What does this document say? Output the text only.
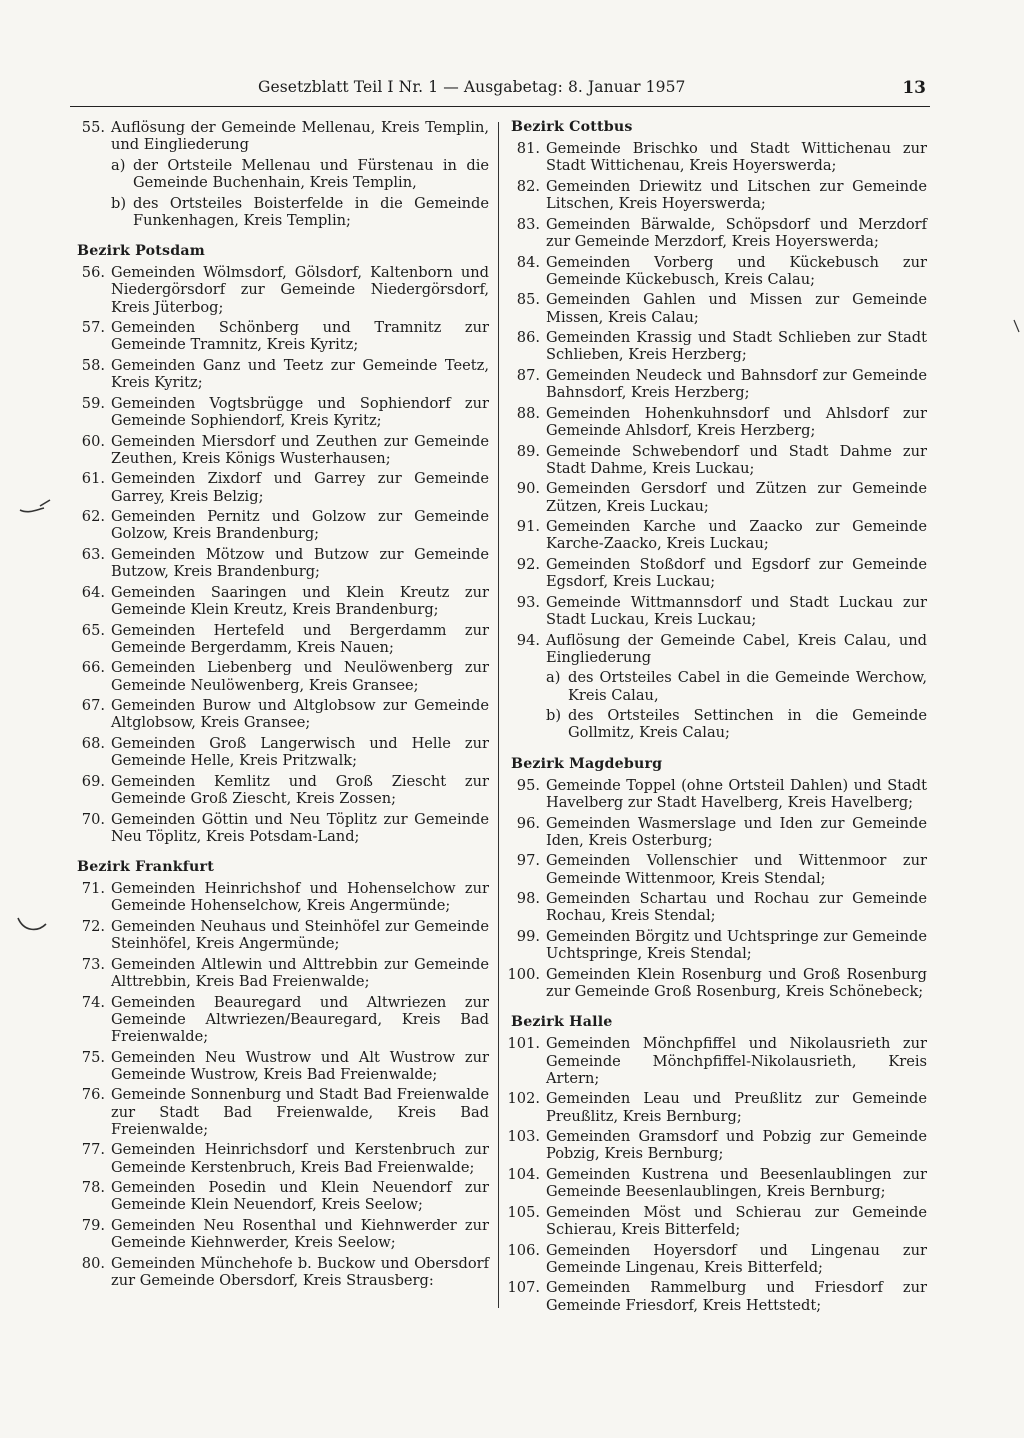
Gesetzblatt Teil I Nr. 1 — Ausgabetag: 8. Januar 1957	13
55. Auflösung der Gemeinde Mellenau, Kreis Templin, und Eingliederung
a) der Ortsteile Mellenau und Fürstenau in die Gemeinde Buchenhain, Kreis Templin,
b) des Ortsteiles Boisterfelde in die Gemeinde Funkenhagen, Kreis Templin;
Bezirk Potsdam
56. Gemeinden Wölmsdorf, Gölsdorf, Kaltenborn und Niedergörsdorf zur Gemeinde Niedergörsdorf, Kreis Jüterbog;
57. Gemeinden Schönberg und Tramnitz zur Gemeinde Tramnitz, Kreis Kyritz;
58. Gemeinden Ganz und Teetz zur Gemeinde Teetz, Kreis Kyritz;
59. Gemeinden Vogtsbrügge und Sophiendorf zur Gemeinde Sophiendorf, Kreis Kyritz;
60. Gemeinden Miersdorf und Zeuthen zur Gemeinde Zeuthen, Kreis Königs Wusterhausen;
61. Gemeinden Zixdorf und Garrey zur Gemeinde Garrey, Kreis Belzig;
62. Gemeinden Pernitz und Golzow zur Gemeinde Golzow, Kreis Brandenburg;
63. Gemeinden Mötzow und Butzow zur Gemeinde Butzow, Kreis Brandenburg;
64. Gemeinden Saaringen und Klein Kreutz zur Gemeinde Klein Kreutz, Kreis Brandenburg;
65. Gemeinden Hertefeld und Bergerdamm zur Gemeinde Bergerdamm, Kreis Nauen;
66. Gemeinden Liebenberg und Neulöwenberg zur Gemeinde Neulöwenberg, Kreis Gransee;
67. Gemeinden Burow und Altglobsow zur Gemeinde Altglobsow, Kreis Gransee;
68. Gemeinden Groß Langerwisch und Helle zur Gemeinde Helle, Kreis Pritzwalk;
69. Gemeinden Kemlitz und Groß Ziescht zur Gemeinde Groß Ziescht, Kreis Zossen;
70. Gemeinden Göttin und Neu Töplitz zur Gemeinde Neu Töplitz, Kreis Potsdam-Land;
Bezirk Frankfurt
71. Gemeinden Heinrichshof und Hohenselchow zur Gemeinde Hohenselchow, Kreis Angermünde;
72. Gemeinden Neuhaus und Steinhöfel zur Gemeinde Steinhöfel, Kreis Angermünde;
73. Gemeinden Altlewin und Alttrebbin zur Gemeinde Alttrebbin, Kreis Bad Freienwalde;
74. Gemeinden Beauregard und Altwriezen zur Gemeinde Altwriezen/Beauregard, Kreis Bad Freienwalde;
75. Gemeinden Neu Wustrow und Alt Wustrow zur Gemeinde Wustrow, Kreis Bad Freienwalde;
76. Gemeinde Sonnenburg und Stadt Bad Freienwalde zur Stadt Bad Freienwalde, Kreis Bad Freienwalde;
77. Gemeinden Heinrichsdorf und Kerstenbruch zur Gemeinde Kerstenbruch, Kreis Bad Freienwalde;
78. Gemeinden Posedin und Klein Neuendorf zur Gemeinde Klein Neuendorf, Kreis Seelow;
79. Gemeinden Neu Rosenthal und Kiehnwerder zur Gemeinde Kiehnwerder, Kreis Seelow;
80. Gemeinden Münchehofe b. Buckow und Obersdorf zur Gemeinde Obersdorf, Kreis Strausberg:
Bezirk Cottbus
81. Gemeinde Brischko und Stadt Wittichenau zur Stadt Wittichenau, Kreis Hoyerswerda;
82. Gemeinden Driewitz und Litschen zur Gemeinde Litschen, Kreis Hoyerswerda;
83. Gemeinden Bärwalde, Schöpsdorf und Merzdorf zur Gemeinde Merzdorf, Kreis Hoyerswerda;
84. Gemeinden Vorberg und Kückebusch zur Gemeinde Kückebusch, Kreis Calau;
85. Gemeinden Gahlen und Missen zur Gemeinde Missen, Kreis Calau;
86. Gemeinden Krassig und Stadt Schlieben zur Stadt Schlieben, Kreis Herzberg;
87. Gemeinden Neudeck und Bahnsdorf zur Gemeinde Bahnsdorf, Kreis Herzberg;
88. Gemeinden Hohenkuhnsdorf und Ahlsdorf zur Gemeinde Ahlsdorf, Kreis Herzberg;
89. Gemeinde Schwebendorf und Stadt Dahme zur Stadt Dahme, Kreis Luckau;
90. Gemeinden Gersdorf und Zützen zur Gemeinde Zützen, Kreis Luckau;
91. Gemeinden Karche und Zaacko zur Gemeinde Karche-Zaacko, Kreis Luckau;
92. Gemeinden Stoßdorf und Egsdorf zur Gemeinde Egsdorf, Kreis Luckau;
93. Gemeinde Wittmannsdorf und Stadt Luckau zur Stadt Luckau, Kreis Luckau;
94. Auflösung der Gemeinde Cabel, Kreis Calau, und Eingliederung
a) des Ortsteiles Cabel in die Gemeinde Werchow, Kreis Calau,
b) des Ortsteiles Settinchen in die Gemeinde Gollmitz, Kreis Calau;
Bezirk Magdeburg
95. Gemeinde Toppel (ohne Ortsteil Dahlen) und Stadt Havelberg zur Stadt Havelberg, Kreis Havelberg;
96. Gemeinden Wasmerslage und Iden zur Gemeinde Iden, Kreis Osterburg;
97. Gemeinden Vollenschier und Wittenmoor zur Gemeinde Wittenmoor, Kreis Stendal;
98. Gemeinden Schartau und Rochau zur Gemeinde Rochau, Kreis Stendal;
99. Gemeinden Börgitz und Uchtspringe zur Gemeinde Uchtspringe, Kreis Stendal;
100. Gemeinden Klein Rosenburg und Groß Rosenburg zur Gemeinde Groß Rosenburg, Kreis Schönebeck;
Bezirk Halle
101. Gemeinden Mönchpfiffel und Nikolausrieth zur Gemeinde Mönchpfiffel-Nikolausrieth, Kreis Artern;
102. Gemeinden Leau und Preußlitz zur Gemeinde Preußlitz, Kreis Bernburg;
103. Gemeinden Gramsdorf und Pobzig zur Gemeinde Pobzig, Kreis Bernburg;
104. Gemeinden Kustrena und Beesenlaublingen zur Gemeinde Beesenlaublingen, Kreis Bernburg;
105. Gemeinden Möst und Schierau zur Gemeinde Schierau, Kreis Bitterfeld;
106. Gemeinden Hoyersdorf und Lingenau zur Gemeinde Lingenau, Kreis Bitterfeld;
107. Gemeinden Rammelburg und Friesdorf zur Gemeinde Friesdorf, Kreis Hettstedt;
